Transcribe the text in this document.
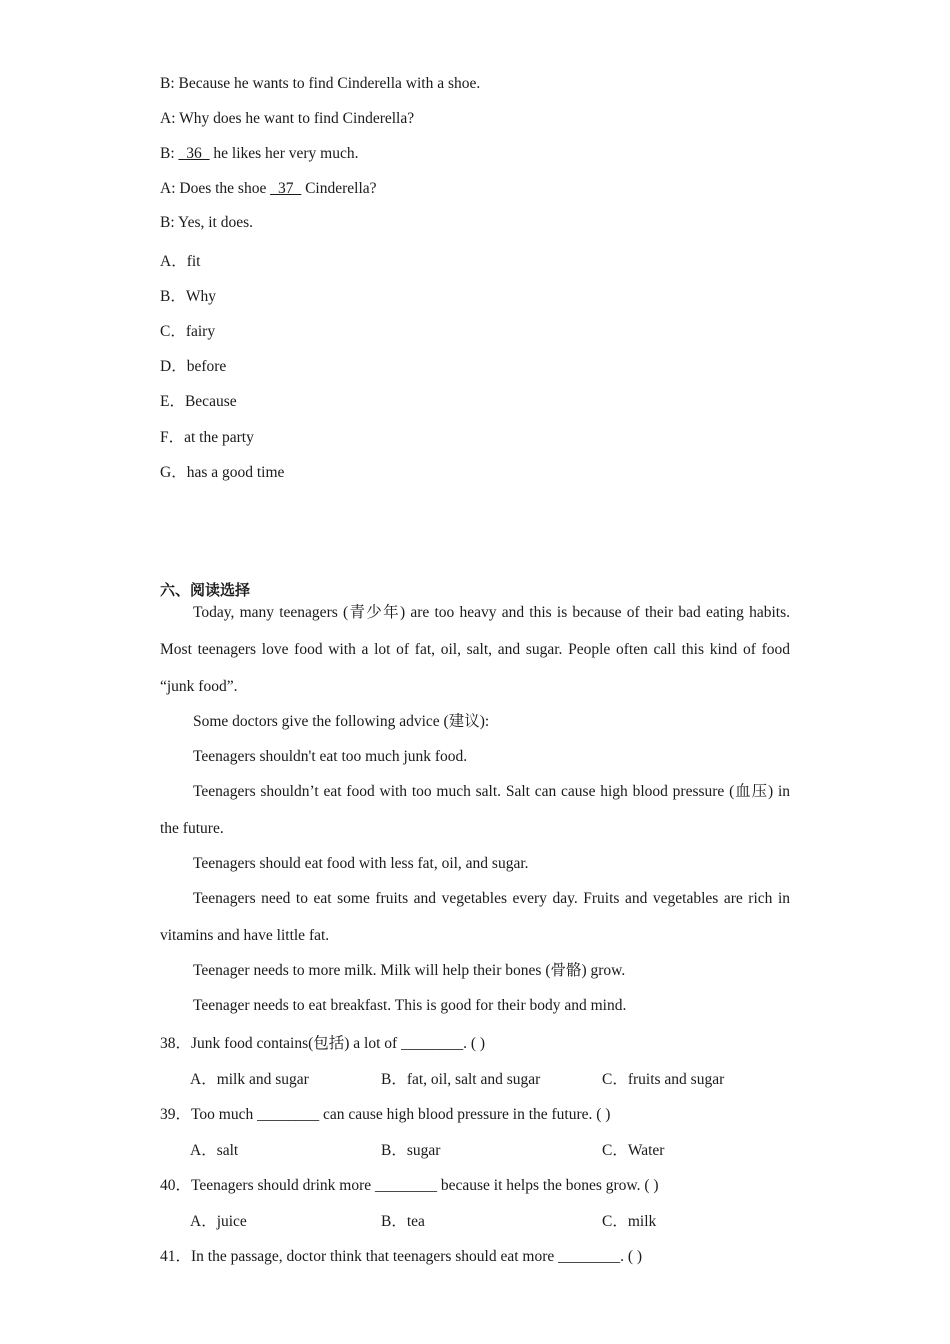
B: Because he wants to find Cinderella with a shoe.
A: Why does he want to find Cinderella?
B: _36_ he likes her very much.
A: Does the shoe _37_ Cinderella?
B: Yes, it does.
A．fit
B．Why
C．fairy
D．before
E．Because
F．at the party
G．has a good time
六、阅读选择
Today, many teenagers (青少年) are too heavy and this is because of their bad eating habits. Most teenagers love food with a lot of fat, oil, salt, and sugar. People often call this kind of food “junk food”.
Some doctors give the following advice (建议):
Teenagers shouldn't eat too much junk food.
Teenagers shouldn’t eat food with too much salt. Salt can cause high blood pressure (血压) in the future.
Teenagers should eat food with less fat, oil, and sugar.
Teenagers need to eat some fruits and vegetables every day. Fruits and vegetables are rich in vitamins and have little fat.
Teenager needs to more milk. Milk will help their bones (骨骼) grow.
Teenager needs to eat breakfast. This is good for their body and mind.
38．Junk food contains(包括) a lot of ________. ( )
A．milk and sugar	B．fat, oil, salt and sugar	C．fruits and sugar
39．Too much ________ can cause high blood pressure in the future. ( )
A．salt	B．sugar	C．Water
40．Teenagers should drink more ________ because it helps the bones grow. ( )
A．juice	B．tea	C．milk
41．In the passage, doctor think that teenagers should eat more ________. ( )
